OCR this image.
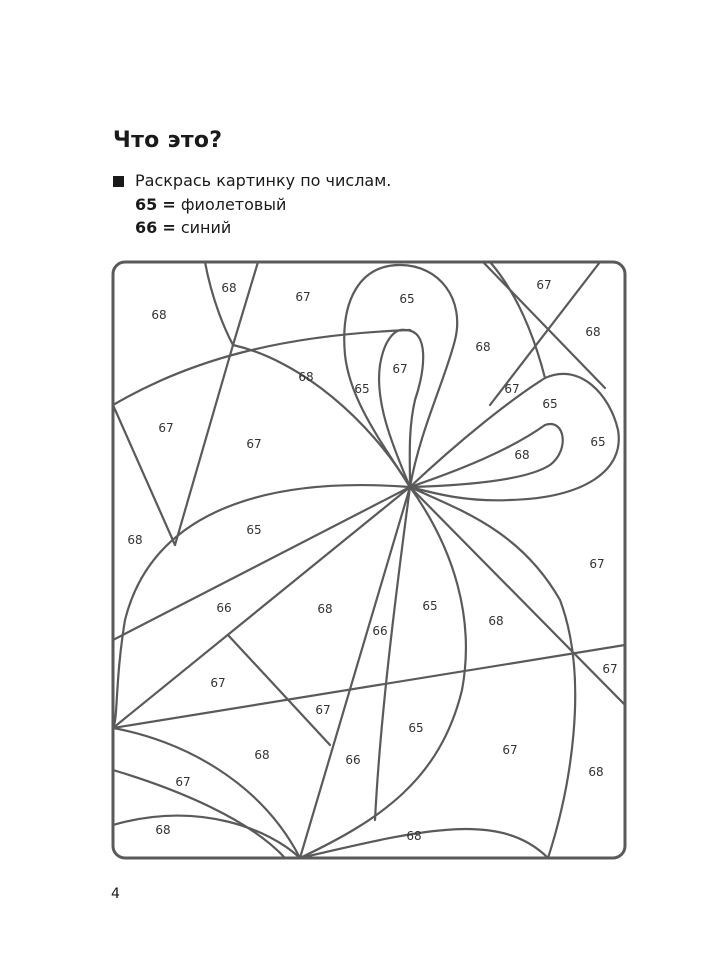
Что это?
Раскрась картинку по числам.
65 = фиолетовый
66 = синий
68
67	65
67
68
68
68
65
67
67
65
67
67	65
68
65
68
67
66	68	65
66
68
67
67
67
65
68	66
67
68
67
68
68	68
4
